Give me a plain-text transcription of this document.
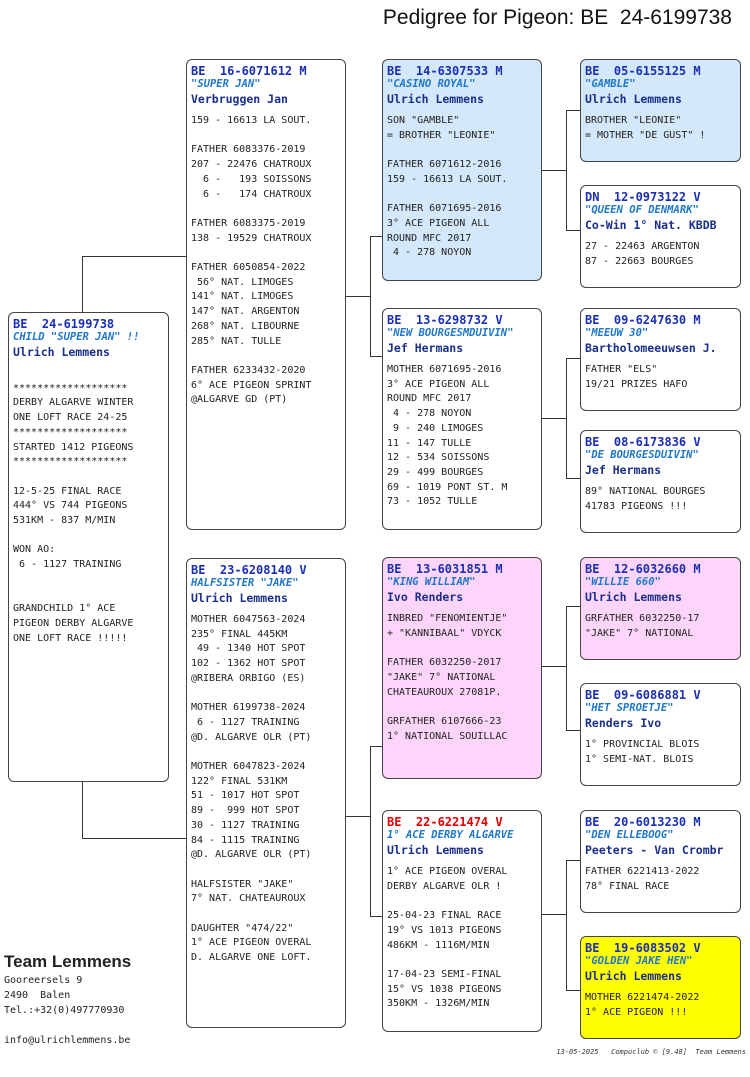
Pedigree for Pigeon: BE  24-6199738
BE  24-6199738
CHILD "SUPER JAN" !!
Ulrich Lemmens
*******************
DERBY ALGARVE WINTER
ONE LOFT RACE 24-25
*******************
STARTED 1412 PIGEONS
*******************
12-5-25 FINAL RACE
444° VS 744 PIGEONS
531KM - 837 M/MIN
WON AO:
6 - 1127 TRAINING
GRANDCHILD 1° ACE
PIGEON DERBY ALGARVE
ONE LOFT RACE !!!!!
BE  16-6071612 M
"SUPER JAN"
Verbruggen Jan
159 - 16613 LA SOUT.
FATHER 6083376-2019
207 - 22476 CHATROUX
6 -   193 SOISSONS
6 -   174 CHATROUX
FATHER 6083375-2019
138 - 19529 CHATROUX
FATHER 6050854-2022
56° NAT. LIMOGES
141° NAT. LIMOGES
147° NAT. ARGENTON
268° NAT. LIBOURNE
285° NAT. TULLE
FATHER 6233432-2020
6° ACE PIGEON SPRINT
@ALGARVE GD (PT)
BE  23-6208140 V
HALFSISTER "JAKE"
Ulrich Lemmens
MOTHER 6047563-2024
235° FINAL 445KM
49 - 1340 HOT SPOT
102 - 1362 HOT SPOT
@RIBERA ORBIGO (ES)
MOTHER 6199738-2024
6 - 1127 TRAINING
@D. ALGARVE OLR (PT)
MOTHER 6047823-2024
122° FINAL 531KM
51 - 1017 HOT SPOT
89 -  999 HOT SPOT
30 - 1127 TRAINING
84 - 1115 TRAINING
@D. ALGARVE OLR (PT)
HALFSISTER "JAKE"
7° NAT. CHATEAUROUX
DAUGHTER "474/22"
1° ACE PIGEON OVERAL
D. ALGARVE ONE LOFT.
BE  14-6307533 M
"CASINO ROYAL"
Ulrich Lemmens
SON "GAMBLE"
= BROTHER "LEONIE"
FATHER 6071612-2016
159 - 16613 LA SOUT.
FATHER 6071695-2016
3° ACE PIGEON ALL
ROUND MFC 2017
4 - 278 NOYON
BE  13-6298732 V
"NEW BOURGESMDUIVIN"
Jef Hermans
MOTHER 6071695-2016
3° ACE PIGEON ALL
ROUND MFC 2017
4 - 278 NOYON
9 - 240 LIMOGES
11 - 147 TULLE
12 - 534 SOISSONS
29 - 499 BOURGES
69 - 1019 PONT ST. M
73 - 1052 TULLE
BE  13-6031851 M
"KING WILLIAM"
Ivo Renders
INBRED "FENOMIENTJE"
+ "KANNIBAAL" VDYCK
FATHER 6032250-2017
"JAKE" 7° NATIONAL
CHATEAUROUX 27081P.
GRFATHER 6107666-23
1° NATIONAL SOUILLAC
BE  22-6221474 V
1° ACE DERBY ALGARVE
Ulrich Lemmens
1° ACE PIGEON OVERAL
DERBY ALGARVE OLR !
25-04-23 FINAL RACE
19° VS 1013 PIGEONS
486KM - 1116M/MIN
17-04-23 SEMI-FINAL
15° VS 1038 PIGEONS
350KM - 1326M/MIN
BE  05-6155125 M
"GAMBLE"
Ulrich Lemmens
BROTHER "LEONIE"
= MOTHER "DE GUST" !
DN  12-0973122 V
"QUEEN OF DENMARK"
Co-Win 1° Nat. KBDB
27 - 22463 ARGENTON
87 - 22663 BOURGES
BE  09-6247630 M
"MEEUW 30"
Bartholomeeuwsen J.
FATHER "ELS"
19/21 PRIZES HAFO
BE  08-6173836 V
"DE BOURGESDUIVIN"
Jef Hermans
89° NATIONAL BOURGES
41783 PIGEONS !!!
BE  12-6032660 M
"WILLIE 660"
Ulrich Lemmens
GRFATHER 6032250-17
"JAKE" 7° NATIONAL
BE  09-6086881 V
"HET SPROETJE"
Renders Ivo
1° PROVINCIAL BLOIS
1° SEMI-NAT. BLOIS
BE  20-6013230 M
"DEN ELLEBOOG"
Peeters - Van Crombr
FATHER 6221413-2022
78° FINAL RACE
BE  19-6083502 V
"GOLDEN JAKE HEN"
Ulrich Lemmens
MOTHER 6221474-2022
1° ACE PIGEON !!!
Team Lemmens
Gooreersels 9
2490  Balen
Tel.:+32(0)497770930
info@ulrichlemmens.be
13-05-2025   Compuclub © [9.48]  Team Lemmens
